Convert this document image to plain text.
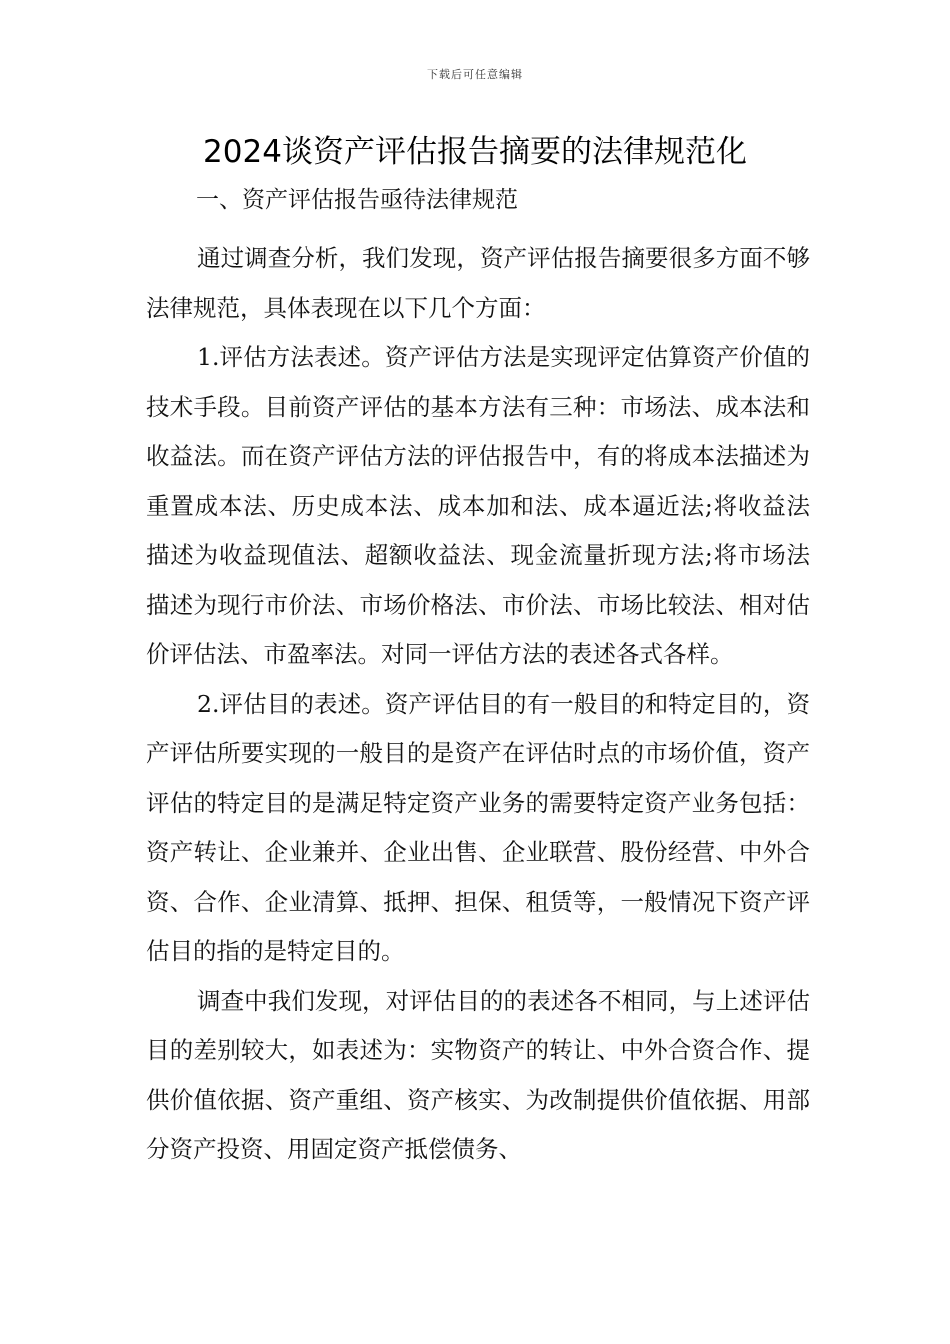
下载后可任意编辑
2024谈资产评估报告摘要的法律规范化

一、资产评估报告亟待法律规范

通过调查分析，我们发现，资产评估报告摘要很多方面不够法律规范，具体表现在以下几个方面：

1.评估方法表述。资产评估方法是实现评定估算资产价值的技术手段。目前资产评估的基本方法有三种：市场法、成本法和收益法。而在资产评估方法的评估报告中，有的将成本法描述为重置成本法、历史成本法、成本加和法、成本逼近法;将收益法描述为收益现值法、超额收益法、现金流量折现方法;将市场法描述为现行市价法、市场价格法、市价法、市场比较法、相对估价评估法、市盈率法。对同一评估方法的表述各式各样。

2.评估目的表述。资产评估目的有一般目的和特定目的，资产评估所要实现的一般目的是资产在评估时点的市场价值，资产评估的特定目的是满足特定资产业务的需要特定资产业务包括：资产转让、企业兼并、企业出售、企业联营、股份经营、中外合资、合作、企业清算、抵押、担保、租赁等，一般情况下资产评估目的指的是特定目的。

调查中我们发现，对评估目的的表述各不相同，与上述评估目的差别较大，如表述为：实物资产的转让、中外合资合作、提供价值依据、资产重组、资产核实、为改制提供价值依据、用部分资产投资、用固定资产抵偿债务、
